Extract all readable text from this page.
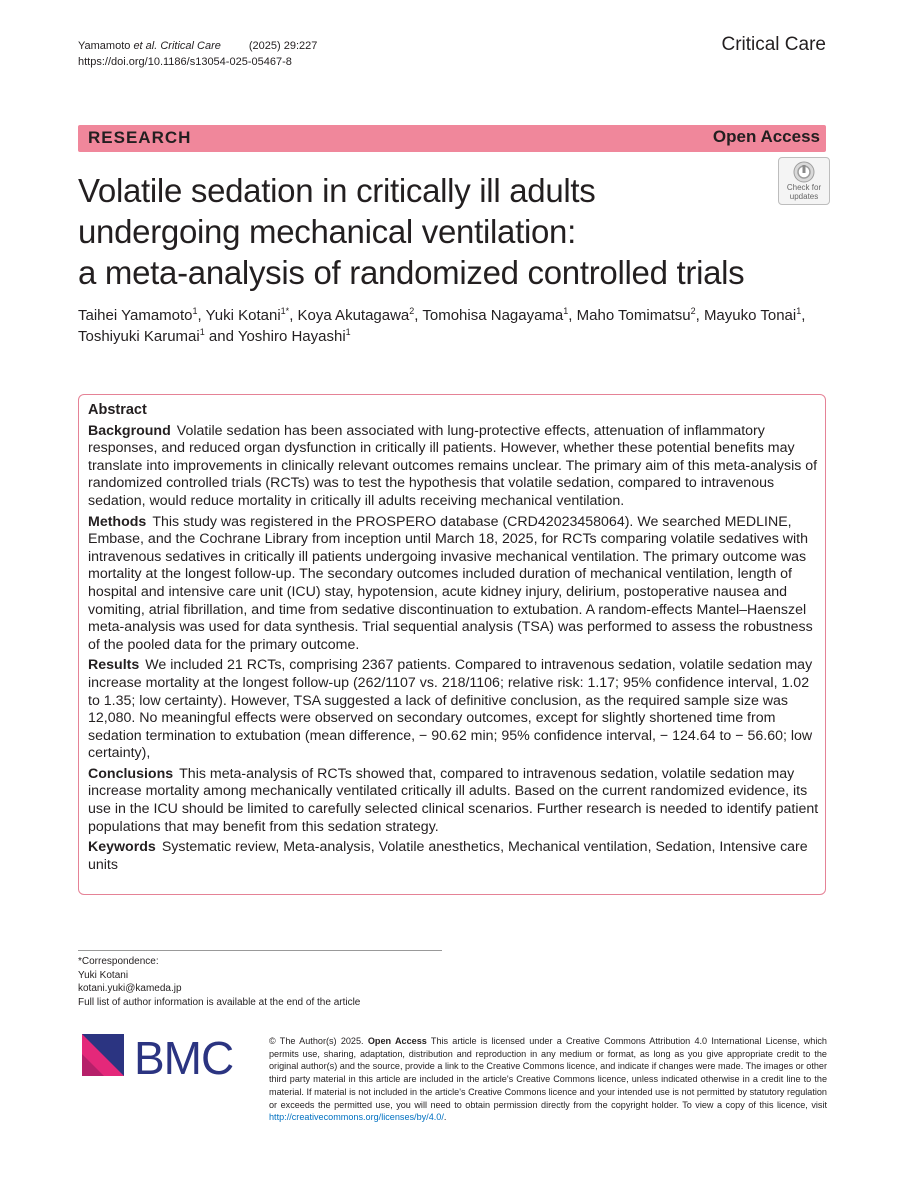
Yamamoto et al. Critical Care	(2025) 29:227
https://doi.org/10.1186/s13054-025-05467-8
Critical Care
RESEARCH	Open Access
Check for
updates
Volatile sedation in critically ill adults
undergoing mechanical ventilation:
a meta-analysis of randomized controlled trials
Taihei Yamamoto$^1$, Yuki Kotani$^{1*}$, Koya Akutagawa$^2$, Tomohisa Nagayama$^1$, Maho Tomimatsu$^2$, Mayuko Tonai$^1$,
Toshiyuki Karumai$^1$ and Yoshiro Hayashi$^1$
Abstract
Background Volatile sedation has been associated with lung-protective effects, attenuation of inflammatory responses, and reduced organ dysfunction in critically ill patients. However, whether these potential benefits may translate into improvements in clinically relevant outcomes remains unclear. The primary aim of this meta-analysis of randomized controlled trials (RCTs) was to test the hypothesis that volatile sedation, compared to intravenous sedation, would reduce mortality in critically ill adults receiving mechanical ventilation.
Methods This study was registered in the PROSPERO database (CRD42023458064). We searched MEDLINE, Embase, and the Cochrane Library from inception until March 18, 2025, for RCTs comparing volatile sedatives with intravenous sedatives in critically ill patients undergoing invasive mechanical ventilation. The primary outcome was mortality at the longest follow-up. The secondary outcomes included duration of mechanical ventilation, length of hospital and intensive care unit (ICU) stay, hypotension, acute kidney injury, delirium, postoperative nausea and vomiting, atrial fibrillation, and time from sedative discontinuation to extubation. A random-effects Mantel–Haenszel meta-analysis was used for data synthesis. Trial sequential analysis (TSA) was performed to assess the robustness of the pooled data for the primary outcome.
Results We included 21 RCTs, comprising 2367 patients. Compared to intravenous sedation, volatile sedation may increase mortality at the longest follow-up (262/1107 vs. 218/1106; relative risk: 1.17; 95% confidence interval, 1.02 to 1.35; low certainty). However, TSA suggested a lack of definitive conclusion, as the required sample size was 12,080. No meaningful effects were observed on secondary outcomes, except for slightly shortened time from sedation termination to extubation (mean difference, − 90.62 min; 95% confidence interval, − 124.64 to − 56.60; low certainty),
Conclusions This meta-analysis of RCTs showed that, compared to intravenous sedation, volatile sedation may increase mortality among mechanically ventilated critically ill adults. Based on the current randomized evidence, its use in the ICU should be limited to carefully selected clinical scenarios. Further research is needed to identify patient populations that may benefit from this sedation strategy.
Keywords Systematic review, Meta-analysis, Volatile anesthetics, Mechanical ventilation, Sedation, Intensive care units
*Correspondence:
Yuki Kotani
kotani.yuki@kameda.jp
Full list of author information is available at the end of the article
BMC	© The Author(s) 2025. Open Access This article is licensed under a Creative Commons Attribution 4.0 International License, which permits use, sharing, adaptation, distribution and reproduction in any medium or format, as long as you give appropriate credit to the original author(s) and the source, provide a link to the Creative Commons licence, and indicate if changes were made. The images or other third party material in this article are included in the article's Creative Commons licence, unless indicated otherwise in a credit line to the material. If material is not included in the article's Creative Commons licence and your intended use is not permitted by statutory regulation or exceeds the permitted use, you will need to obtain permission directly from the copyright holder. To view a copy of this licence, visit http://creativecommons.org/licenses/by/4.0/.
